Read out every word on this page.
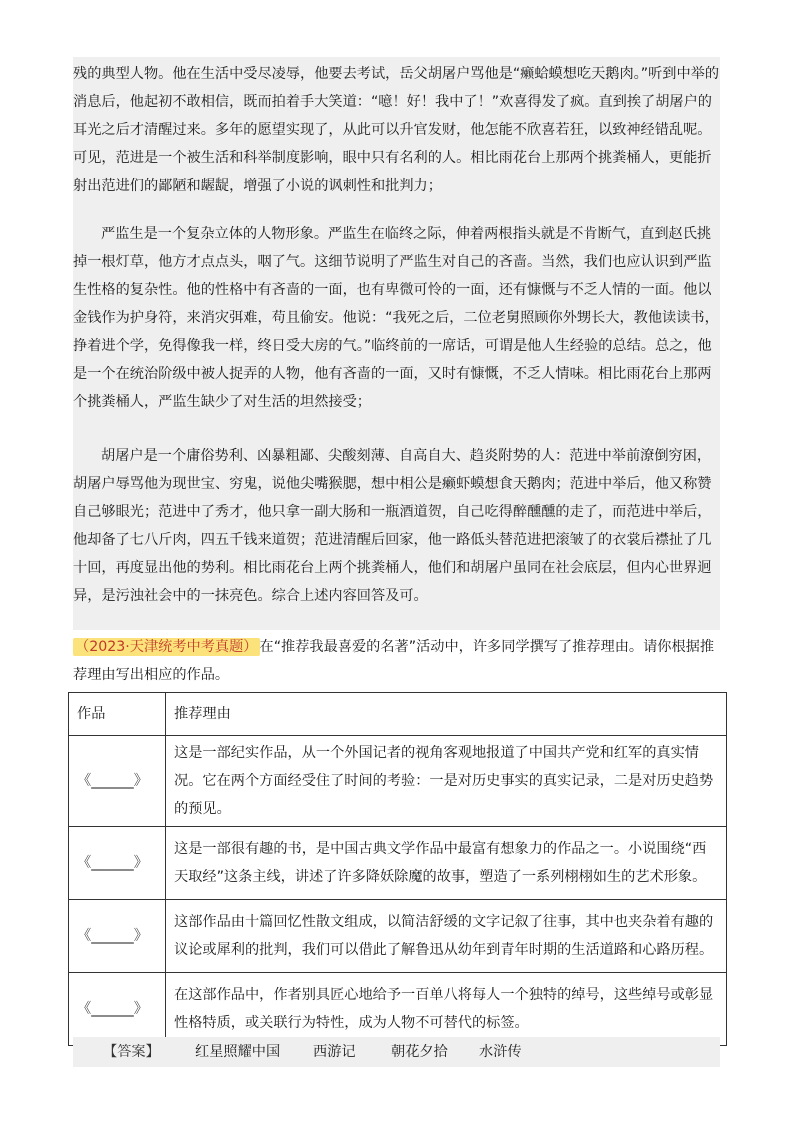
残的典型人物。他在生活中受尽凌辱，他要去考试，岳父胡屠户骂他是“癞蛤蟆想吃天鹅肉。”听到中举的消息后，他起初不敢相信，既而拍着手大笑道：“噫！好！我中了！”欢喜得发了疯。直到挨了胡屠户的耳光之后才清醒过来。多年的愿望实现了，从此可以升官发财，他怎能不欣喜若狂，以致神经错乱呢。可见，范进是一个被生活和科举制度影响，眼中只有名利的人。相比雨花台上那两个挑粪桶人，更能折射出范进们的鄙陋和龌龊，增强了小说的讽刺性和批判力；

严监生是一个复杂立体的人物形象。严监生在临终之际，伸着两根指头就是不肯断气，直到赵氏挑掉一根灯草，他方才点点头，咽了气。这细节说明了严监生对自己的吝啬。当然，我们也应认识到严监生性格的复杂性。他的性格中有吝啬的一面，也有卑微可怜的一面，还有慷慨与不乏人情的一面。他以金钱作为护身符，来消灾弭难，苟且偷安。他说：“我死之后，二位老舅照顾你外甥长大，教他读读书，挣着进个学，免得像我一样，终日受大房的气。”临终前的一席话，可谓是他人生经验的总结。总之，他是一个在统治阶级中被人捉弄的人物，他有吝啬的一面，又时有慷慨，不乏人情味。相比雨花台上那两个挑粪桶人，严监生缺少了对生活的坦然接受；

胡屠户是一个庸俗势利、凶暴粗鄙、尖酸刻薄、自高自大、趋炎附势的人：范进中举前潦倒穷困，胡屠户辱骂他为现世宝、穷鬼，说他尖嘴猴腮，想中相公是癞虾蟆想食天鹅肉；范进中举后，他又称赞自己够眼光；范进中了秀才，他只拿一副大肠和一瓶酒道贺，自己吃得醉醺醺的走了，而范进中举后，他却备了七八斤肉，四五千钱来道贺；范进清醒后回家，他一路低头替范进把滚皱了的衣裳后襟扯了几十回，再度显出他的势利。相比雨花台上两个挑粪桶人，他们和胡屠户虽同在社会底层，但内心世界迥异，是污浊社会中的一抹亮色。综合上述内容回答及可。

（2023·天津统考中考真题） 在“推荐我最喜爱的名著”活动中，许多同学撰写了推荐理由。请你根据推荐理由写出相应的作品。

作品	推荐理由
《______》	这是一部纪实作品，从一个外国记者的视角客观地报道了中国共产党和红军的真实情况。它在两个方面经受住了时间的考验：一是对历史事实的真实记录，二是对历史趋势的预见。
《______》	这是一部很有趣的书，是中国古典文学作品中最富有想象力的作品之一。小说围绕“西天取经”这条主线，讲述了许多降妖除魔的故事，塑造了一系列栩栩如生的艺术形象。
《______》	这部作品由十篇回忆性散文组成，以简洁舒缓的文字记叙了往事，其中也夹杂着有趣的议论或犀利的批判，我们可以借此了解鲁迅从幼年到青年时期的生活道路和心路历程。
《______》	在这部作品中，作者别具匠心地给予一百单八将每人一个独特的绰号，这些绰号或彰显性格特质，或关联行为特性，成为人物不可替代的标签。
【答案】 红星照耀中国 西游记 朝花夕拾 水浒传
